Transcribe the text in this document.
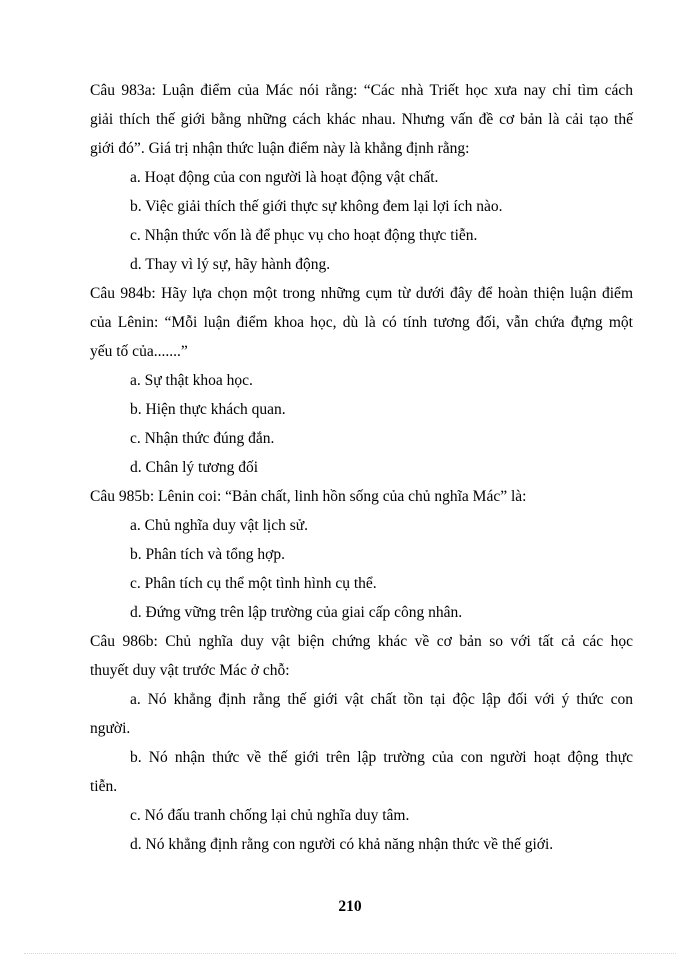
Câu 983a: Luận điểm của Mác nói rằng: “Các nhà Triết học xưa nay chỉ tìm cách
giải thích thế giới bằng những cách khác nhau. Nhưng vấn đề cơ bản là cải tạo thế
giới đó”. Giá trị nhận thức luận điểm này là khẳng định rằng:
a. Hoạt động của con người là hoạt động vật chất.
b. Việc giải thích thế giới thực sự không đem lại lợi ích nào.
c. Nhận thức vốn là để phục vụ cho hoạt động thực tiễn.
d. Thay vì lý sự, hãy hành động.
Câu 984b: Hãy lựa chọn một trong những cụm từ dưới đây để hoàn thiện luận điểm
của Lênin: “Mỗi luận điểm khoa học, dù là có tính tương đối, vẫn chứa đựng một
yếu tố của.......”
a. Sự thật khoa học.
b. Hiện thực khách quan.
c. Nhận thức đúng đắn.
d. Chân lý tương đối
Câu 985b: Lênin coi: “Bản chất, linh hồn sống của chủ nghĩa Mác” là:
a. Chủ nghĩa duy vật lịch sử.
b. Phân tích và tổng hợp.
c. Phân tích cụ thể một tình hình cụ thể.
d. Đứng vững trên lập trường của giai cấp công nhân.
Câu 986b: Chủ nghĩa duy vật biện chứng khác về cơ bản so với tất cả các học
thuyết duy vật trước Mác ở chỗ:
a. Nó khẳng định rằng thế giới vật chất tồn tại độc lập đối với ý thức con
người.
b. Nó nhận thức về thế giới trên lập trường của con người hoạt động thực
tiễn.
c. Nó đấu tranh chống lại chủ nghĩa duy tâm.
d. Nó khẳng định rằng con người có khả năng nhận thức về thế giới.
210
